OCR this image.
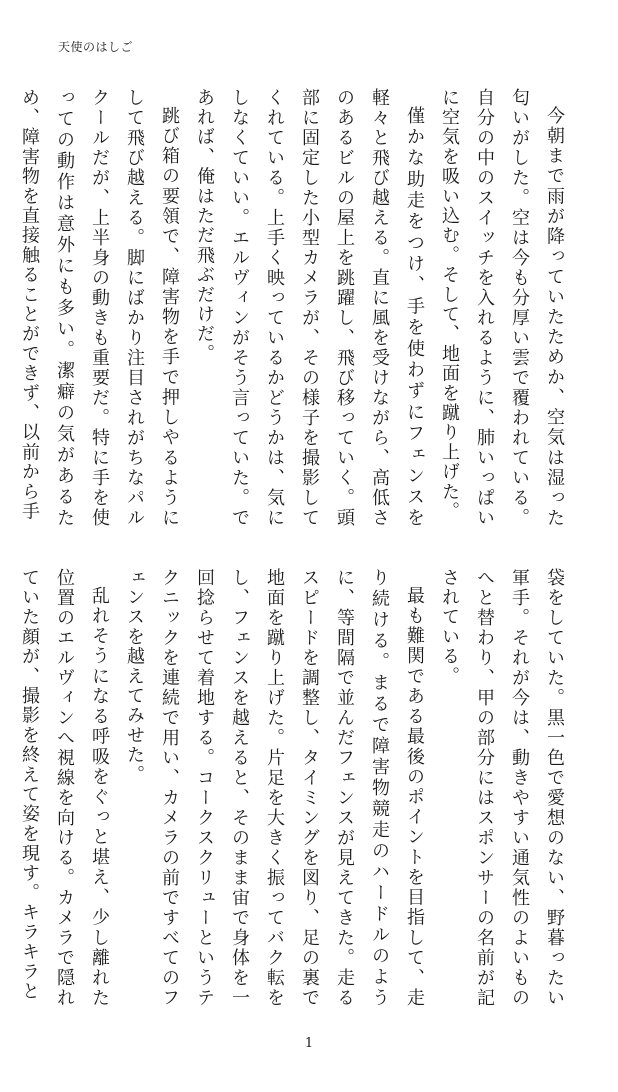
天使のはしご

今朝まで雨が降っていたためか、空気は湿った匂いがした。空は今も分厚い雲で覆われている。自分の中のスイッチを入れるように、肺いっぱいに空気を吸い込む。そして、地面を蹴り上げた。

僅かな助走をつけ、手を使わずにフェンスを軽々と飛び越える。直に風を受けながら、高低さのあるビルの屋上を跳躍し、飛び移っていく。頭部に固定した小型カメラが、その様子を撮影してくれている。上手く映っているかどうかは、気にしなくていい。エルヴィンがそう言っていた。であれば、俺はただ飛ぶだけだ。

跳び箱の要領で、障害物を手で押しやるようにして飛び越える。脚にばかり注目されがちなパルクールだが、上半身の動きも重要だ。特に手を使っての動作は意外にも多い。潔癖の気があるため、障害物を直接触ることができず、以前から手

袋をしていた。黒一色で愛想のない、野暮ったい軍手。それが今は、動きやすい通気性のよいものへと替わり、甲の部分にはスポンサーの名前が記されている。

最も難関である最後のポイントを目指して、走り続ける。まるで障害物競走のハードルのように、等間隔で並んだフェンスが見えてきた。走るスピードを調整し、タイミングを図り、足の裏で地面を蹴り上げた。片足を大きく振ってバク転をし、フェンスを越えると、そのまま宙で身体を一回捻らせて着地する。コークスクリューというテクニックを連続で用い、カメラの前ですべてのフェンスを越えてみせた。

乱れそうになる呼吸をぐっと堪え、少し離れた位置のエルヴィンへ視線を向ける。カメラで隠れていた顔が、撮影を終えて姿を現す。キラキラと

1
